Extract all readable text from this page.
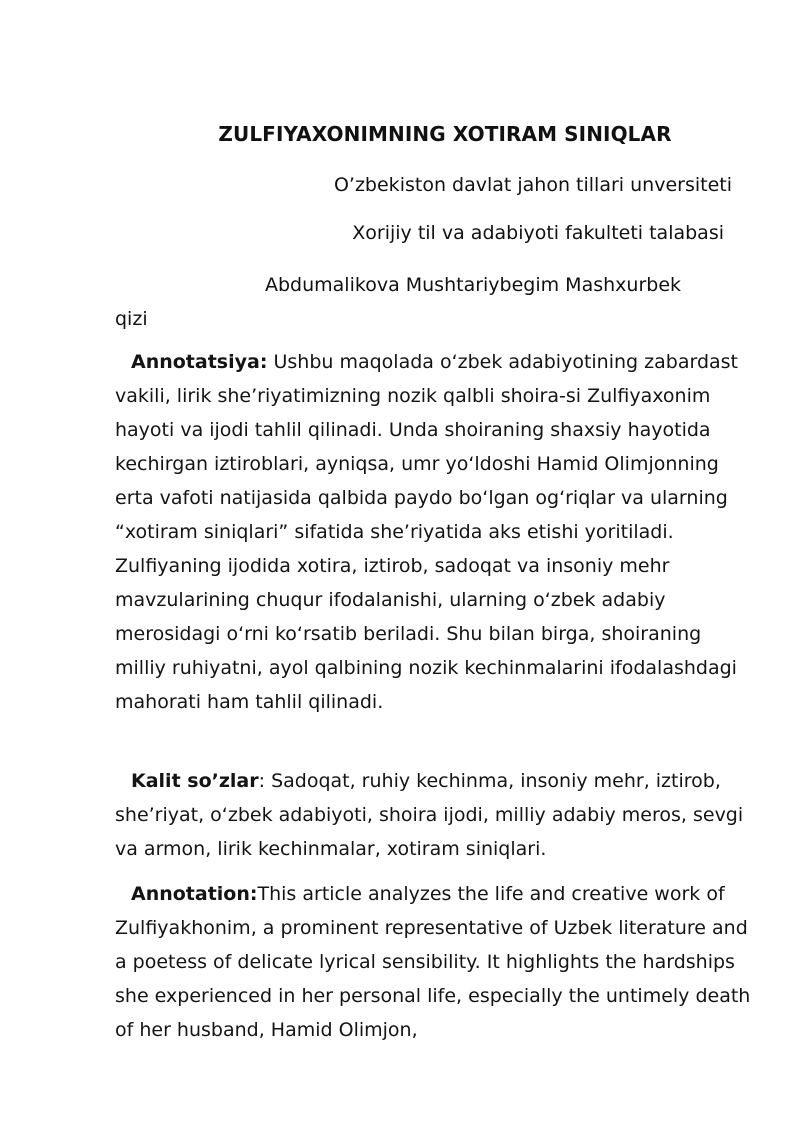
ZULFIYAXONIMNING XOTIRAM SINIQLAR

O’zbekiston davlat jahon tillari unversiteti

Xorijiy til va adabiyoti fakulteti talabasi

Abdumalikova Mushtariybegim Mashxurbek qizi

Annotatsiya: Ushbu maqolada o‘zbek adabiyotining zabardast vakili, lirik she’riyatimizning nozik qalbli shoira-si Zulfiyaxonim hayoti va ijodi tahlil qilinadi. Unda shoiraning shaxsiy hayotida kechirgan iztiroblari, ayniqsa, umr yo‘ldoshi Hamid Olimjonning erta vafoti natijasida qalbida paydo bo‘lgan og‘riqlar va ularning “xotiram siniqlari” sifatida she’riyatida aks etishi yoritiladi. Zulfiyaning ijodida xotira, iztirob, sadoqat va insoniy mehr mavzularining chuqur ifodalanishi, ularning o‘zbek adabiy merosidagi o‘rni ko‘rsatib beriladi. Shu bilan birga, shoiraning milliy ruhiyatni, ayol qalbining nozik kechinmalarini ifodalashdagi mahorati ham tahlil qilinadi.

Kalit so’zlar: Sadoqat, ruhiy kechinma, insoniy mehr, iztirob, she’riyat, o‘zbek adabiyoti, shoira ijodi, milliy adabiy meros, sevgi va armon, lirik kechinmalar, xotiram siniqlari.

Annotation:This article analyzes the life and creative work of Zulfiyakhonim, a prominent representative of Uzbek literature and a poetess of delicate lyrical sensibility. It highlights the hardships she experienced in her personal life, especially the untimely death of her husband, Hamid Olimjon,
